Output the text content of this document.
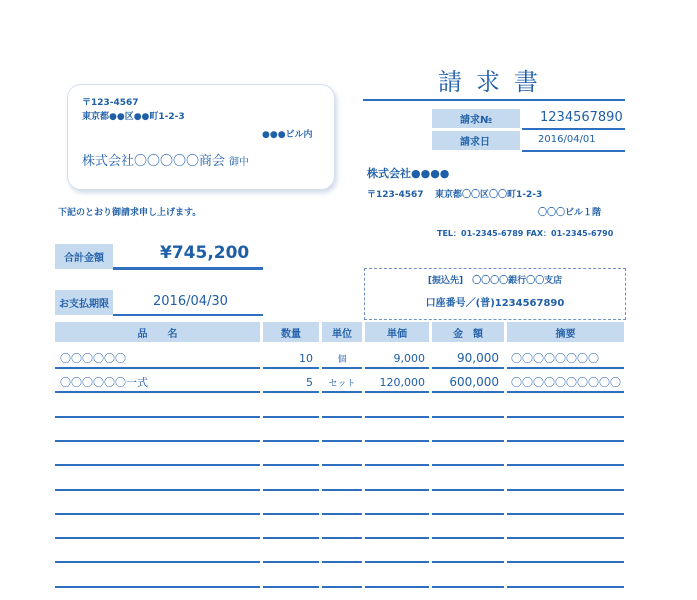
請求書
〒123-4567
東京都●●区●●町1-2-3
●●●ビル内
株式会社〇〇〇〇〇商会 御中
請求№	1234567890
請求日	2016/04/01
株式会社●●●●
〒123-4567 東京都〇〇区〇〇町1-2-3
〇〇〇ビル１階
TEL：01-2345-6789 FAX：01-2345-6790
下記のとおり御請求申し上げます。
合計金額	¥745,200
お支払期限	2016/04/30
[振込先]　〇〇〇〇銀行〇〇支店
口座番号／(普)1234567890
品　　名	数量	単位	単価	金　額	摘要
〇〇〇〇〇〇	10	個	9,000	90,000 〇〇〇〇〇〇〇〇
〇〇〇〇〇〇一式	5	セット	120,000	600,000 〇〇〇〇〇〇〇〇〇〇
